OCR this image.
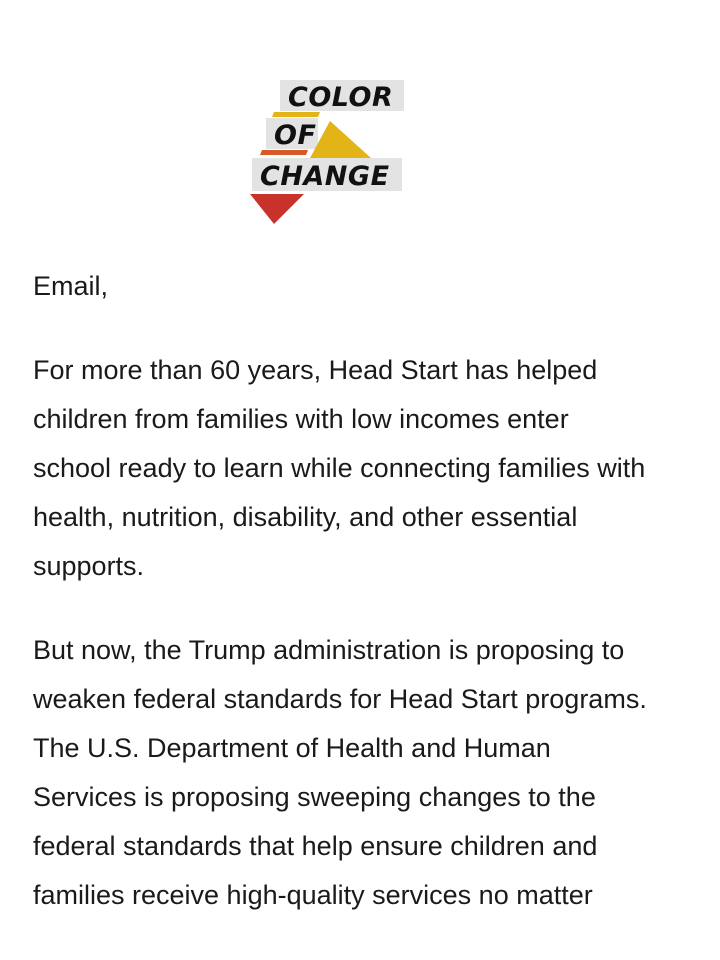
COLOR
OF
CHANGE

Email,

For more than 60 years, Head Start has helped children from families with low incomes enter school ready to learn while connecting families with health, nutrition, disability, and other essential supports.

But now, the Trump administration is proposing to weaken federal standards for Head Start programs. The U.S. Department of Health and Human Services is proposing sweeping changes to the federal standards that help ensure children and families receive high-quality services no matter
